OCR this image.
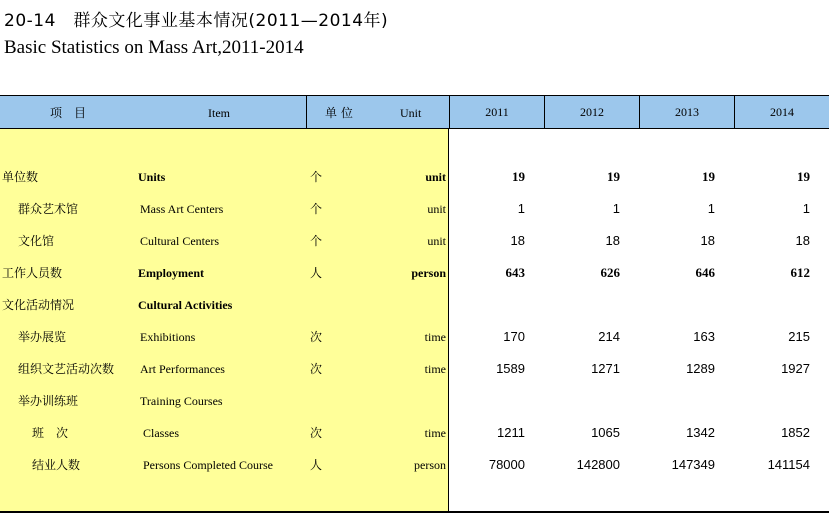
20-14　群众文化事业基本情况(2011—2014年)
Basic Statistics on Mass Art,2011-2014
项　目	Item	单 位	Unit	2011	2012	2013	2014
单位数	Units	个	unit	19	19	19	19
群众艺术馆	Mass Art Centers	个	unit	1	1	1	1
文化馆	Cultural Centers	个	unit	18	18	18	18
工作人员数	Employment	人	person	643	626	646	612
文化活动情况	Cultural Activities
举办展览	Exhibitions	次	time	170	214	163	215
组织文艺活动次数 Art Performances	次	time	1589	1271	1289	1927
举办训练班	Training Courses
班　次	Classes	次	time	1211	1065	1342	1852
结业人数	Persons Completed Course	人	person	78000	142800	147349	141154
